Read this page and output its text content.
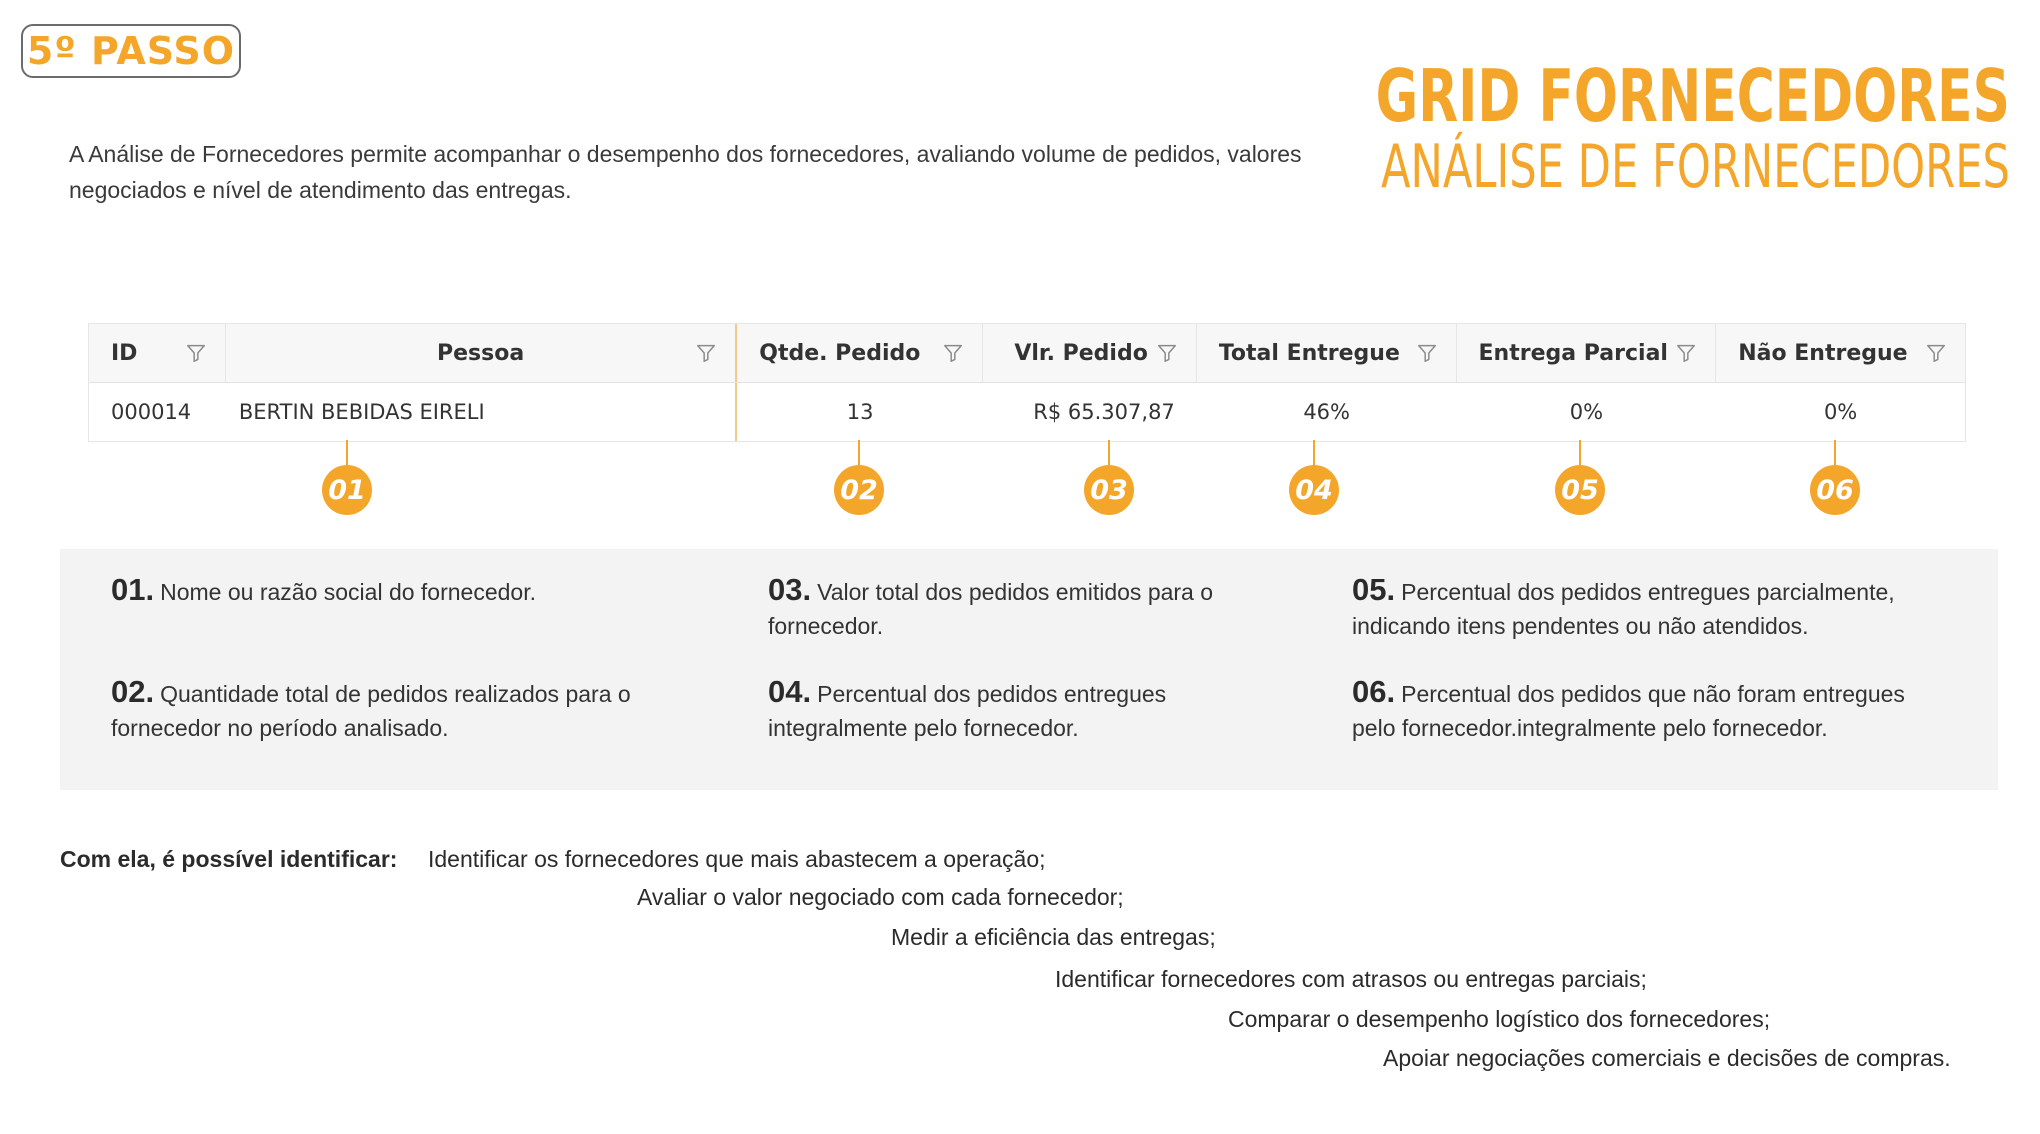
5º PASSO
GRID FORNECEDORES
ANÁLISE DE FORNECEDORES
A Análise de Fornecedores permite acompanhar o desempenho dos fornecedores, avaliando volume de pedidos, valores negociados e nível de atendimento das entregas.
ID	Pessoa	Qtde. Pedido	Vlr. Pedido	Total Entregue	Entrega Parcial	Não Entregue
000014	BERTIN BEBIDAS EIRELI	13	R$ 65.307,87	46%	0%	0%
01	02	03	04	05	06
01. Nome ou razão social do fornecedor.
02. Quantidade total de pedidos realizados para o fornecedor no período analisado.
03. Valor total dos pedidos emitidos para o fornecedor.
04. Percentual dos pedidos entregues integralmente pelo fornecedor.
05. Percentual dos pedidos entregues parcialmente, indicando itens pendentes ou não atendidos.
06. Percentual dos pedidos que não foram entregues pelo fornecedor.integralmente pelo fornecedor.
Com ela, é possível identificar: Identificar os fornecedores que mais abastecem a operação;
Avaliar o valor negociado com cada fornecedor;
Medir a eficiência das entregas;
Identificar fornecedores com atrasos ou entregas parciais;
Comparar o desempenho logístico dos fornecedores;
Apoiar negociações comerciais e decisões de compras.
